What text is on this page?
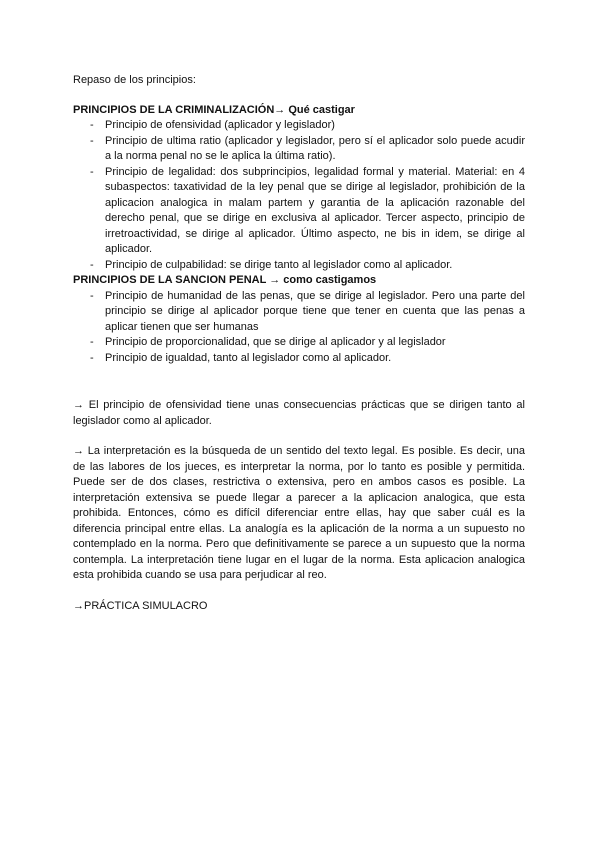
Repaso de los principios:

PRINCIPIOS DE LA CRIMINALIZACIÓN→ Qué castigar
- Principio de ofensividad (aplicador y legislador)
- Principio de ultima ratio (aplicador y legislador, pero sí el aplicador solo puede acudir a la norma penal no se le aplica la última ratio).
- Principio de legalidad: dos subprincipios, legalidad formal y material. Material: en 4 subaspectos: taxatividad de la ley penal que se dirige al legislador, prohibición de la aplicacion analogica in malam partem y garantia de la aplicación razonable del derecho penal, que se dirige en exclusiva al aplicador. Tercer aspecto, principio de irretroactividad, se dirige al aplicador. Último aspecto, ne bis in idem, se dirige al aplicador.
- Principio de culpabilidad: se dirige tanto al legislador como al aplicador.
PRINCIPIOS DE LA SANCION PENAL → como castigamos
- Principio de humanidad de las penas, que se dirige al legislador. Pero una parte del principio se dirige al aplicador porque tiene que tener en cuenta que las penas a aplicar tienen que ser humanas
- Principio de proporcionalidad, que se dirige al aplicador y al legislador
- Principio de igualdad, tanto al legislador como al aplicador.

→ El principio de ofensividad tiene unas consecuencias prácticas que se dirigen tanto al legislador como al aplicador.

→ La interpretación es la búsqueda de un sentido del texto legal. Es posible. Es decir, una de las labores de los jueces, es interpretar la norma, por lo tanto es posible y permitida. Puede ser de dos clases, restrictiva o extensiva, pero en ambos casos es posible. La interpretación extensiva se puede llegar a parecer a la aplicacion analogica, que esta prohibida. Entonces, cómo es difícil diferenciar entre ellas, hay que saber cuál es la diferencia principal entre ellas. La analogía es la aplicación de la norma a un supuesto no contemplado en la norma. Pero que definitivamente se parece a un supuesto que la norma contempla. La interpretación tiene lugar en el lugar de la norma. Esta aplicacion analogica esta prohibida cuando se usa para perjudicar al reo.

→PRÁCTICA SIMULACRO
